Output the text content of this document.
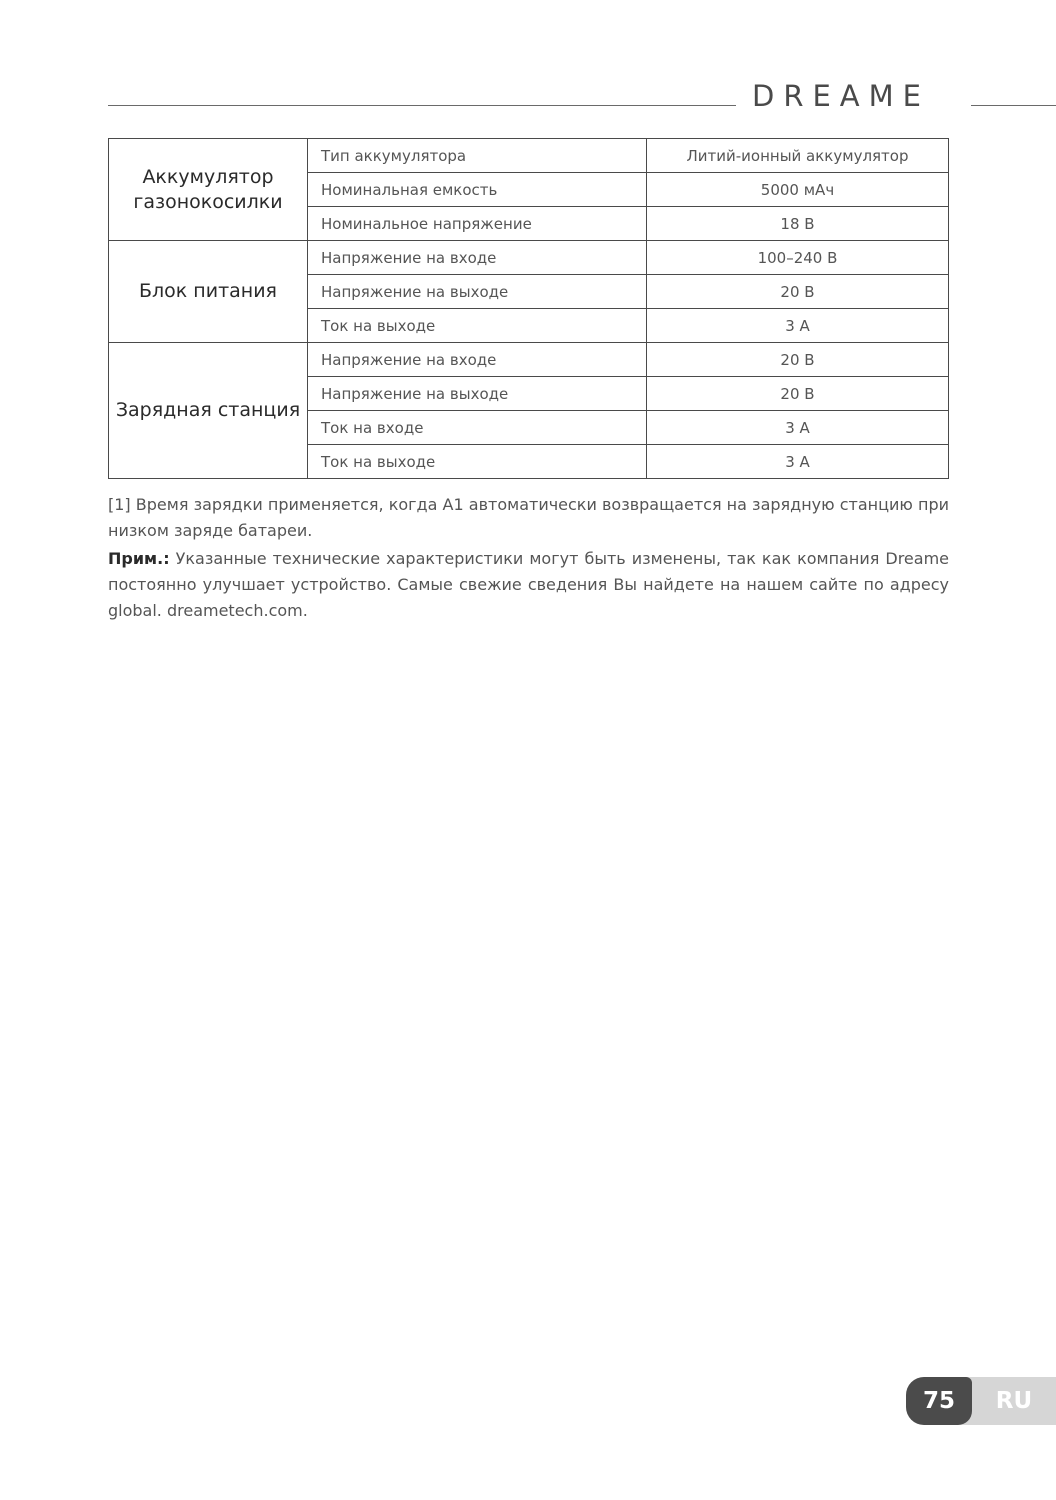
DREAME
Аккумулятор газонокосилки	Тип аккумулятора	Литий-ионный аккумулятор
	Номинальная емкость	5000 мАч
	Номинальное напряжение	18 В
Блок питания	Напряжение на входе	100–240 В
	Напряжение на выходе	20 В
	Ток на выходе	3 А
Зарядная станция	Напряжение на входе	20 В
	Напряжение на выходе	20 В
	Ток на входе	3 А
	Ток на выходе	3 А

[1] Время зарядки применяется, когда A1 автоматически возвращается на зарядную станцию при низком заряде батареи.

Прим.: Указанные технические характеристики могут быть изменены, так как компания Dreame постоянно улучшает устройство. Самые свежие сведения Вы найдете на нашем сайте по адресу global. dreametech.com.

75	RU
